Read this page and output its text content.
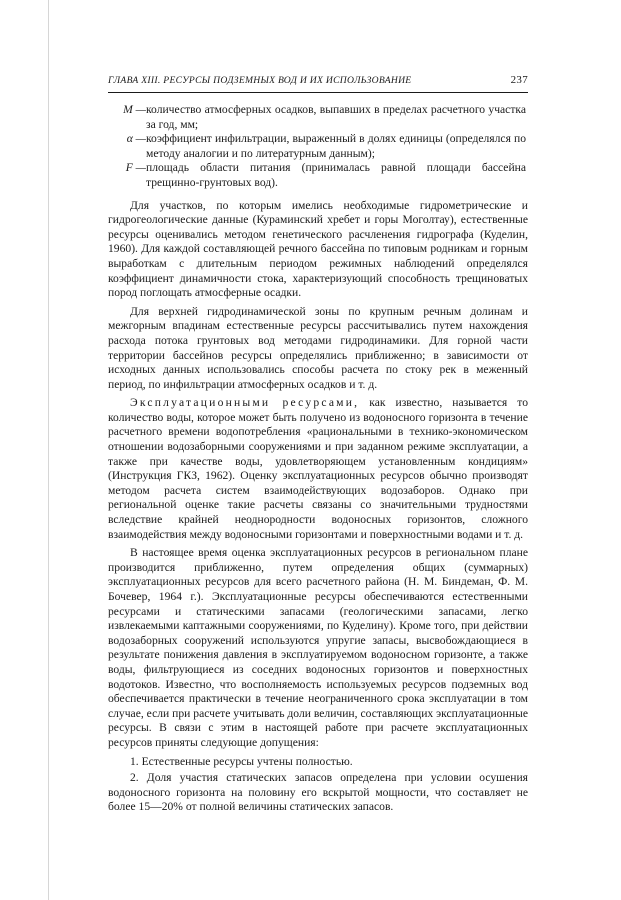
ГЛАВА XIII. РЕСУРСЫ ПОДЗЕМНЫХ ВОД И ИХ ИСПОЛЬЗОВАНИЕ	237
M — количество атмосферных осадков, выпавших в пределах расчетного участка за год, мм;
α — коэффициент инфильтрации, выраженный в долях единицы (определялся по методу аналогии и по литературным данным);
F — площадь области питания (принималась равной площади бассейна трещинно-грунтовых вод).

Для участков, по которым имелись необходимые гидрометрические и гидрогеологические данные (Кураминский хребет и горы Моголтау), естественные ресурсы оценивались методом генетического расчленения гидрографа (Куделин, 1960). Для каждой составляющей речного бассейна по типовым родникам и горным выработкам с длительным периодом режимных наблюдений определялся коэффициент динамичности стока, характеризующий способность трещиноватых пород поглощать атмосферные осадки.

Для верхней гидродинамической зоны по крупным речным долинам и межгорным впадинам естественные ресурсы рассчитывались путем нахождения расхода потока грунтовых вод методами гидродинамики. Для горной части территории бассейнов ресурсы определялись приближенно; в зависимости от исходных данных использовались способы расчета по стоку рек в меженный период, по инфильтрации атмосферных осадков и т. д.

Эксплуатационными ресурсами, как известно, называется то количество воды, которое может быть получено из водоносного горизонта в течение расчетного времени водопотребления «рациональными в технико-экономическом отношении водозаборными сооружениями и при заданном режиме эксплуатации, а также при качестве воды, удовлетворяющем установленным кондициям» (Инструкция ГКЗ, 1962). Оценку эксплуатационных ресурсов обычно производят методом расчета систем взаимодействующих водозаборов. Однако при региональной оценке такие расчеты связаны со значительными трудностями вследствие крайней неоднородности водоносных горизонтов, сложного взаимодействия между водоносными горизонтами и поверхностными водами и т. д.

В настоящее время оценка эксплуатационных ресурсов в региональном плане производится приближенно, путем определения общих (суммарных) эксплуатационных ресурсов для всего расчетного района (Н. М. Биндеман, Ф. М. Бочевер, 1964 г.). Эксплуатационные ресурсы обеспечиваются естественными ресурсами и статическими запасами (геологическими запасами, легко извлекаемыми каптажными сооружениями, по Куделину). Кроме того, при действии водозаборных сооружений используются упругие запасы, высвобождающиеся в результате понижения давления в эксплуатируемом водоносном горизонте, а также воды, фильтрующиеся из соседних водоносных горизонтов и поверхностных водотоков. Известно, что восполняемость используемых ресурсов подземных вод обеспечивается практически в течение неограниченного срока эксплуатации в том случае, если при расчете учитывать доли величин, составляющих эксплуатационные ресурсы. В связи с этим в настоящей работе при расчете эксплуатационных ресурсов приняты следующие допущения:

1. Естественные ресурсы учтены полностью.

2. Доля участия статических запасов определена при условии осушения водоносного горизонта на половину его вскрытой мощности, что составляет не более 15—20% от полной величины статических запасов.
